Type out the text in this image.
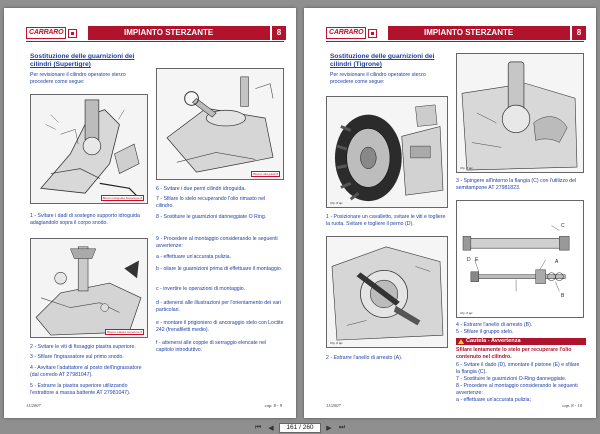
CARRARO	IMPIANTO STERZANTE	8
Sostituzione delle guarnizioni dei cilindri (Supertigre)
Per revisionare il cilindro operatore sterzo procedere come segue:
Blocco idroguida Supertigre 8
1 - Svitare i dadi di sostegno supporto idroguida adagiandolo sopra il corpo snodo.
Blocco piastra superiore 8
2 - Svitare le viti di fissaggio piastra superiore.
3 - Sfilare l'ingrassatore sul primo snodo.
4 - Avvitare l'adattatore al posto dell'ingrassatore (dal corredo AT 27981047).
5 - Estrarre la piastra superiore utilizzando l'estrattore a massa battente AT 27981047).
Blocco idroguida 8
6 - Svitare i due perni cilindri idroguida.
7 - Sfilare lo stelo recuperando l'olio rimasto nel cilindro.
8 - Sostituire le guarnizioni danneggiate O Ring.
9 - Procedere al montaggio considerando le seguenti avvertenze:
a - effettuare un'accurata pulizia.
b - oliare le guarnizioni prima di effettuare il montaggio.
c - invertire le operazioni di montaggio.
d - attenersi alle illustrazioni per l'orientamento dei vari particolari.
e - montare il prigioniero di ancoraggio stelo con Loctite 242 (frenafiletti medio).
f - attenersi alle coppie di serraggio elencate nel capitolo introduttivo.
11/2007	cap. 8 - 9
CARRARO	IMPIANTO STERZANTE	8
Sostituzione delle guarnizioni dei cilindri (Tigrone)
Per revisionare il cilindro operatore sterzo procedere come segue:
Cfp. 8 ajc
1 - Posizionare un cavalletto, svitare le viti e togliere la ruota. Svitare e togliere il perno (D).
Cfp. 8 ajc
2 - Estrarre l'anello di arresto (A).
Cfp. 8 ajc
3 - Spingere all'interno la flangia (C) con l'utilizzo del semitampone AT 27981823.
C
D E	A
B
Cfp. 8 ajc
4 - Estrarre l'anello di arresto (B).
5 - Sfilare il gruppo stelo.
Cautela - Avvertenza
Sfilare lentamente lo stelo per recuperare l'olio contenuto nel cilindro.
6 - Svitare il dado (D), smontare il pistone (E) e sfilare la flangia (C).
7 - Sostituire le guarnizioni O-Ring danneggiate.
8 - Procedere al montaggio considerando le seguenti avvertenze:
a - effettuare un'accurata pulizia;
11/2007	cap. 8 - 10
⏮	◀	161 / 260	▶	⏭
